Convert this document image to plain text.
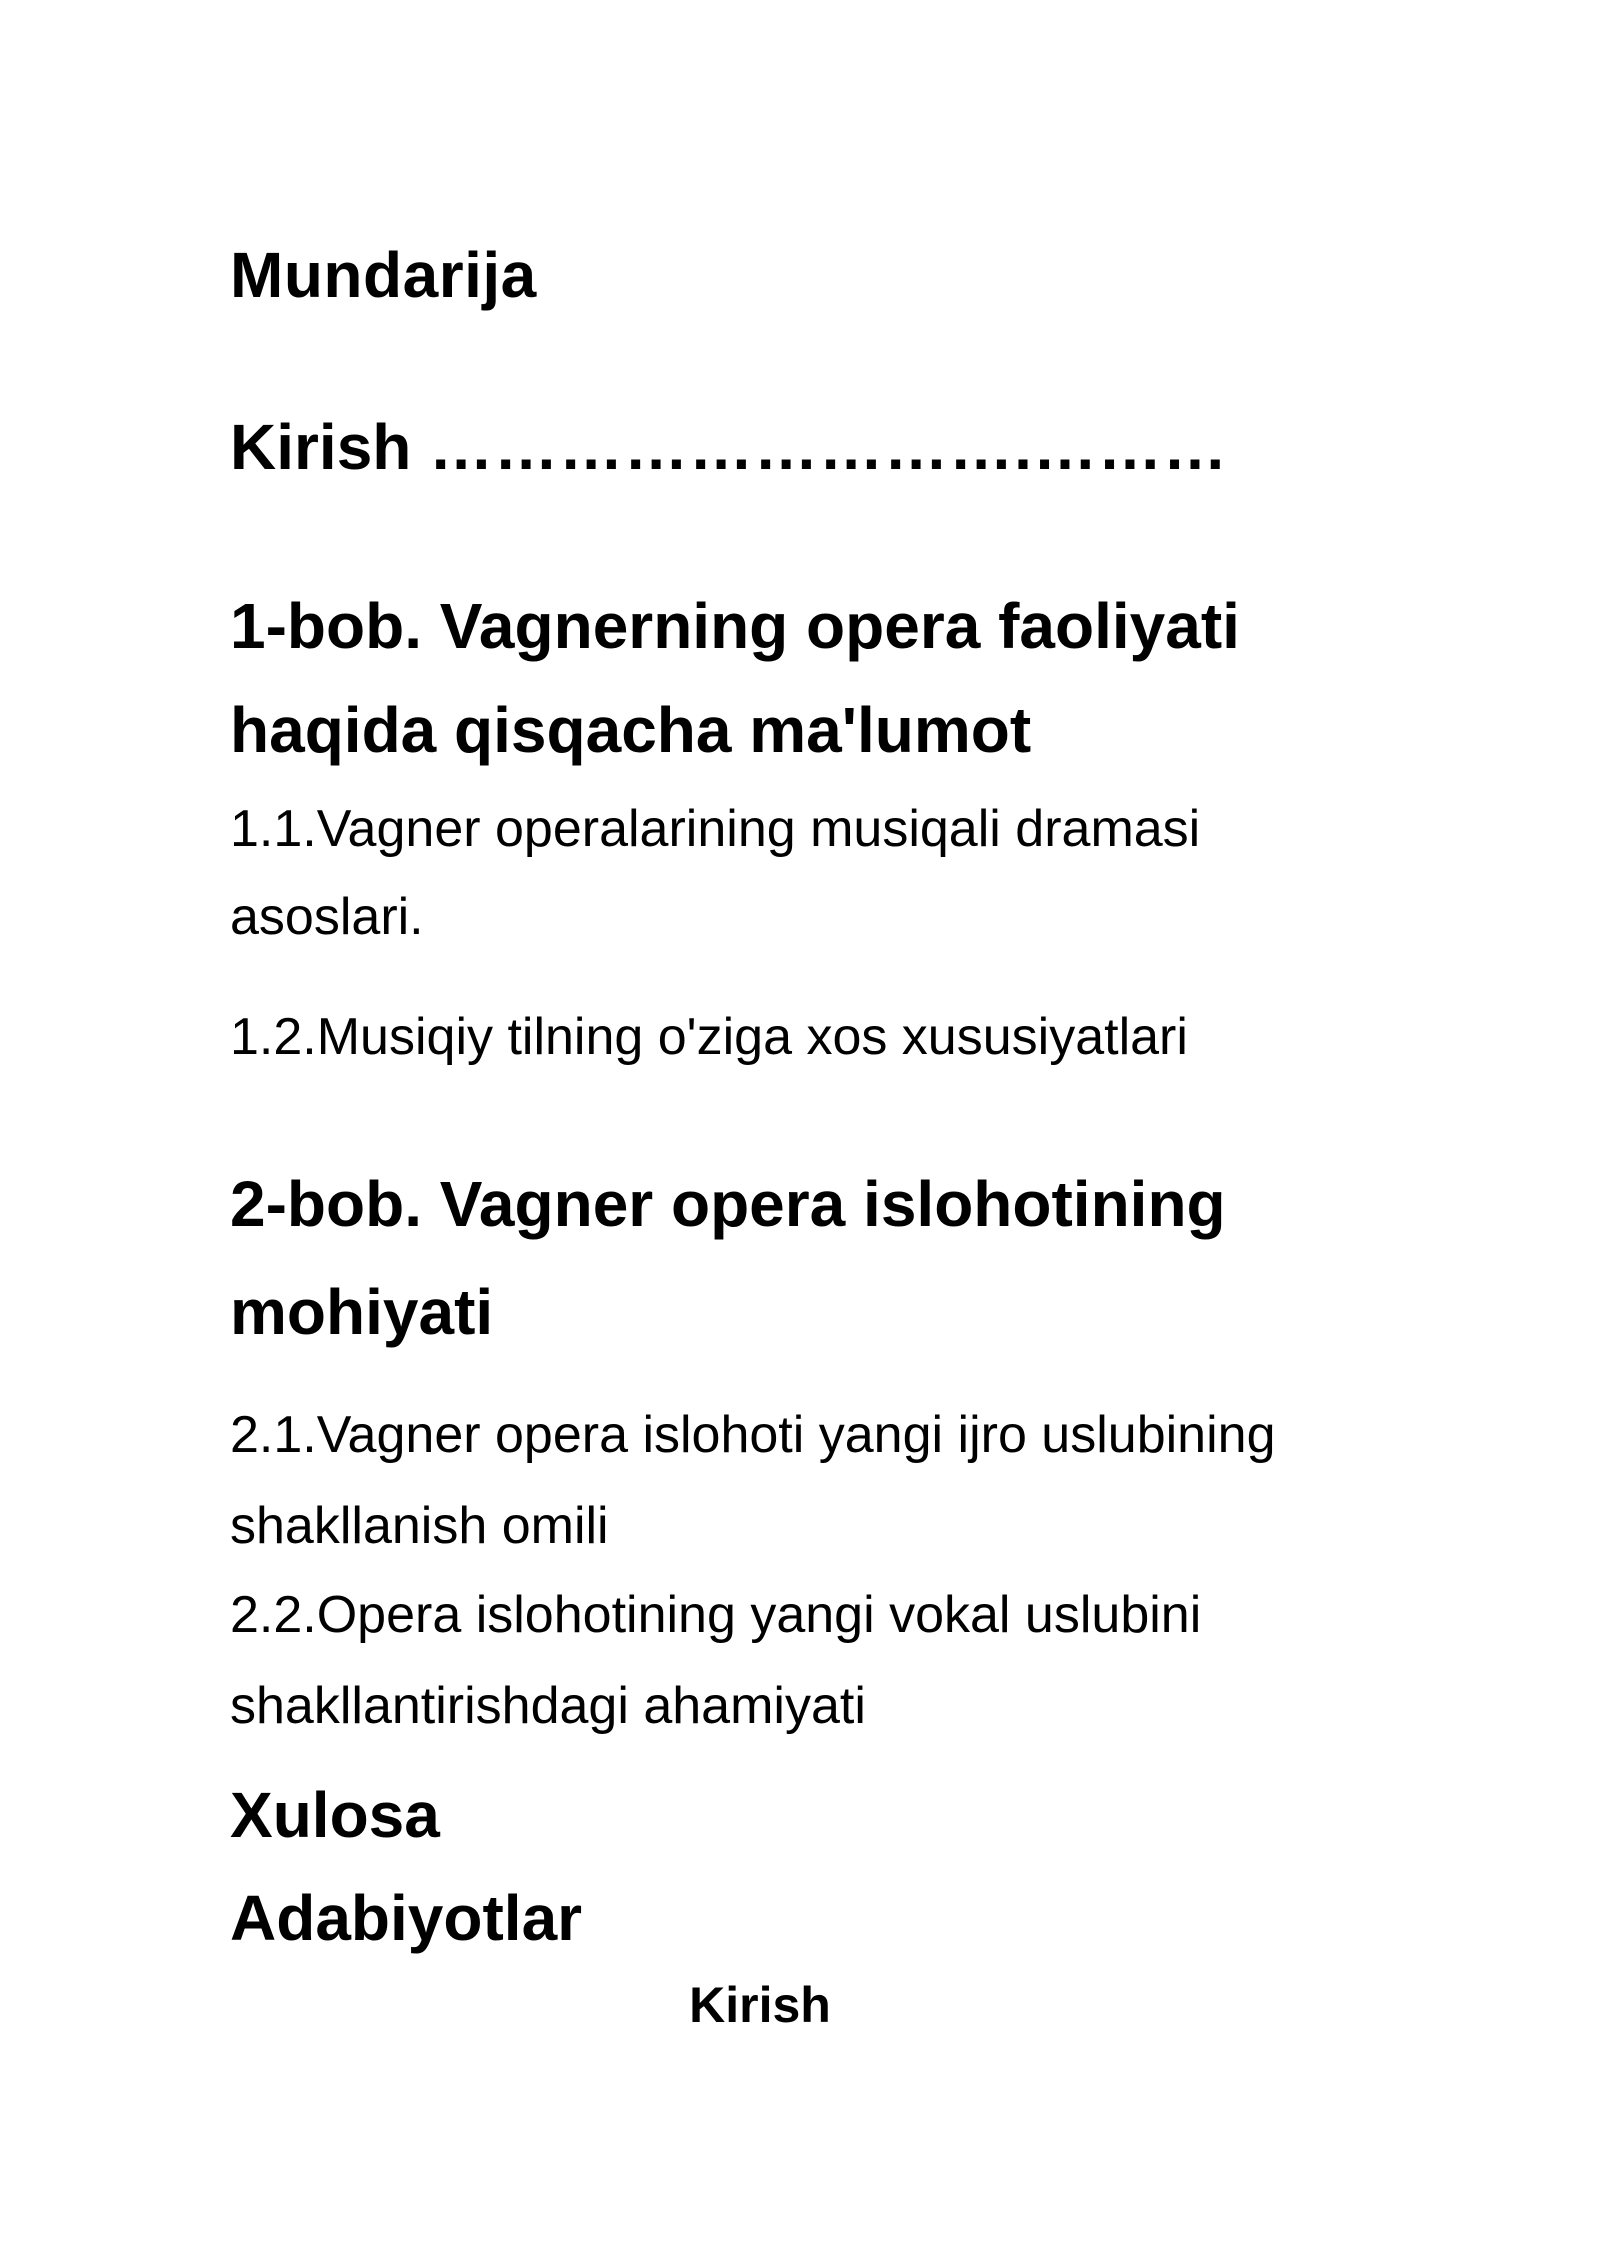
Mundarija

Kirish ……………………….………

1-bob. Vagnerning opera faoliyati

haqida qisqacha ma'lumot

1.1.Vagner operalarining musiqali dramasi

asoslari.

1.2.Musiqiy tilning o'ziga xos xususiyatlari

2-bob. Vagner opera islohotining

mohiyati

2.1.Vagner opera islohoti yangi ijro uslubining

shakllanish omili

2.2.Opera islohotining yangi vokal uslubini

shakllantirishdagi ahamiyati

Xulosa

Adabiyotlar

Kirish
